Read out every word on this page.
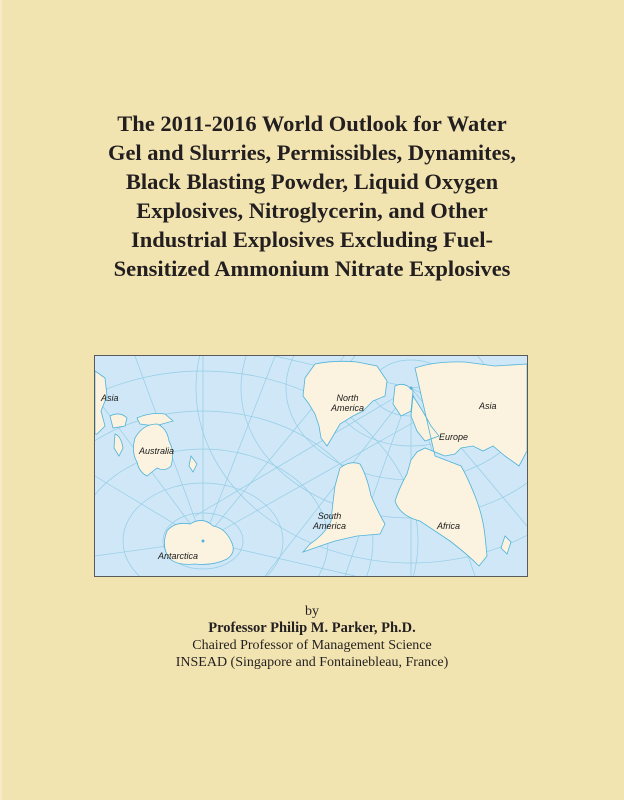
The 2011-2016 World Outlook for Water
Gel and Slurries, Permissibles, Dynamites,
Black Blasting Powder, Liquid Oxygen
Explosives, Nitroglycerin, and Other
Industrial Explosives Excluding Fuel-
Sensitized Ammonium Nitrate Explosives
Asia
Australia
Antarctica
North
America
South
America
Asia
Europe
Africa
by
Professor Philip M. Parker, Ph.D.
Chaired Professor of Management Science
INSEAD (Singapore and Fontainebleau, France)
